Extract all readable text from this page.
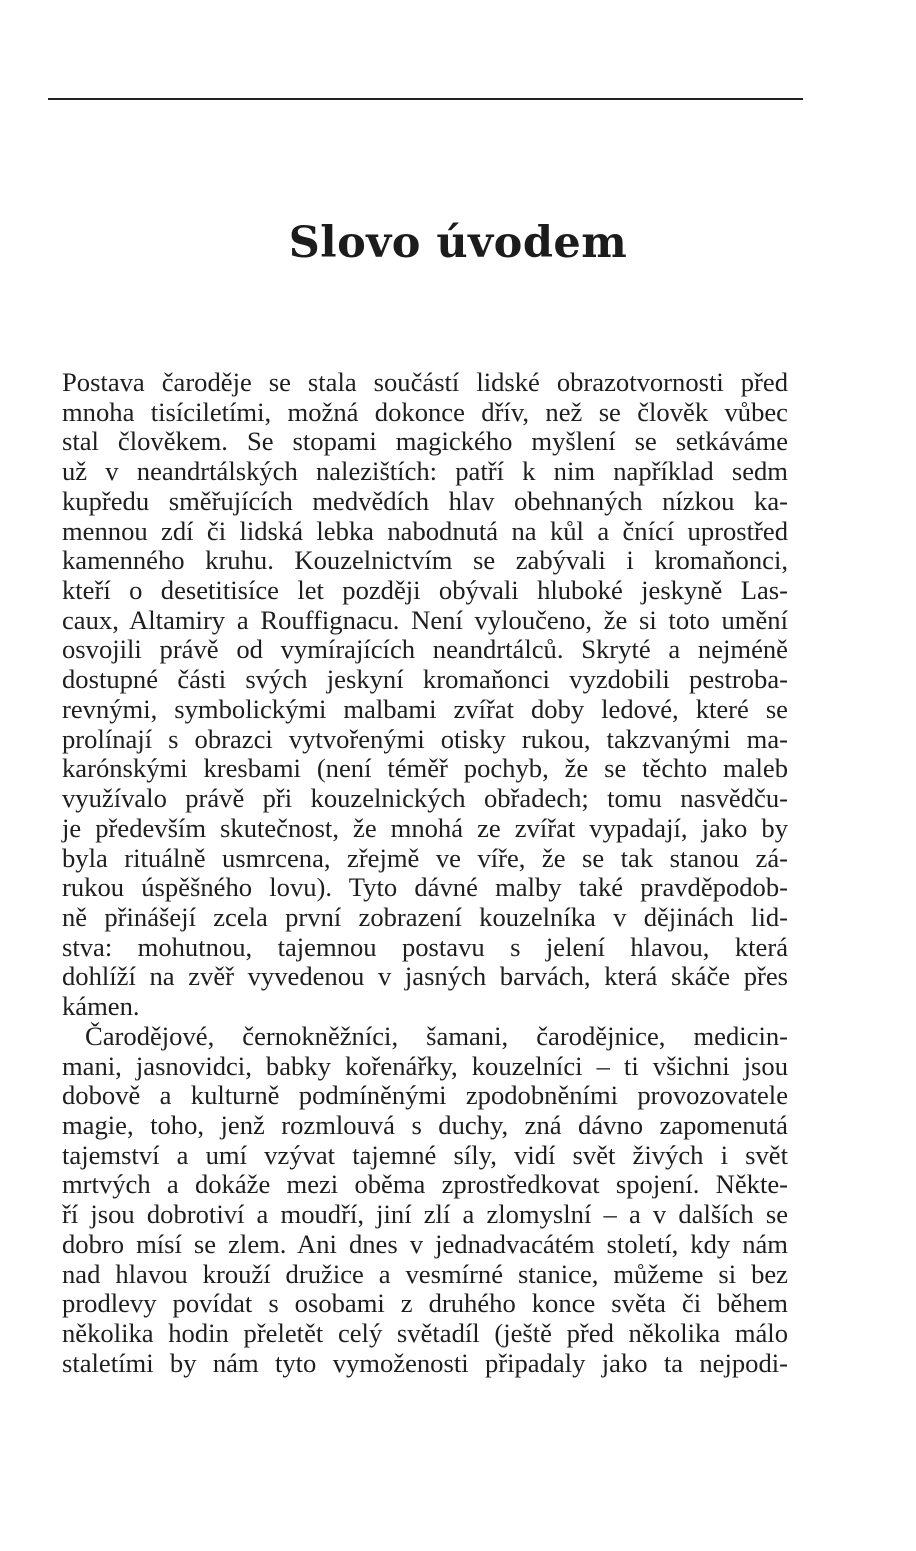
Slovo úvodem
Postava čaroděje se stala součástí lidské obrazotvornosti před
mnoha tisíciletími, možná dokonce dřív, než se člověk vůbec
stal člověkem. Se stopami magického myšlení se setkáváme
už v neandrtálských nalezištích: patří k nim například sedm
kupředu směřujících medvědích hlav obehnaných nízkou ka-
mennou zdí či lidská lebka nabodnutá na kůl a čnící uprostřed
kamenného kruhu. Kouzelnictvím se zabývali i kromaňonci,
kteří o desetitisíce let později obývali hluboké jeskyně Las-
caux, Altamiry a Rouffignacu. Není vyloučeno, že si toto umění
osvojili právě od vymírajících neandrtálců. Skryté a nejméně
dostupné části svých jeskyní kromaňonci vyzdobili pestroba-
revnými, symbolickými malbami zvířat doby ledové, které se
prolínají s obrazci vytvořenými otisky rukou, takzvanými ma-
karónskými kresbami (není téměř pochyb, že se těchto maleb
využívalo právě při kouzelnických obřadech; tomu nasvědču-
je především skutečnost, že mnohá ze zvířat vypadají, jako by
byla rituálně usmrcena, zřejmě ve víře, že se tak stanou zá-
rukou úspěšného lovu). Tyto dávné malby také pravděpodob-
ně přinášejí zcela první zobrazení kouzelníka v dějinách lid-
stva: mohutnou, tajemnou postavu s jelení hlavou, která
dohlíží na zvěř vyvedenou v jasných barvách, která skáče přes
kámen.
Čarodějové, černokněžníci, šamani, čarodějnice, medicin-
mani, jasnovidci, babky kořenářky, kouzelníci – ti všichni jsou
dobově a kulturně podmíněnými zpodobněními provozovatele
magie, toho, jenž rozmlouvá s duchy, zná dávno zapomenutá
tajemství a umí vzývat tajemné síly, vidí svět živých i svět
mrtvých a dokáže mezi oběma zprostředkovat spojení. Někte-
ří jsou dobrotiví a moudří, jiní zlí a zlomyslní – a v dalších se
dobro mísí se zlem. Ani dnes v jednadvacátém století, kdy nám
nad hlavou krouží družice a vesmírné stanice, můžeme si bez
prodlevy povídat s osobami z druhého konce světa či během
několika hodin přeletět celý světadíl (ještě před několika málo
staletími by nám tyto vymoženosti připadaly jako ta nejpodi-
